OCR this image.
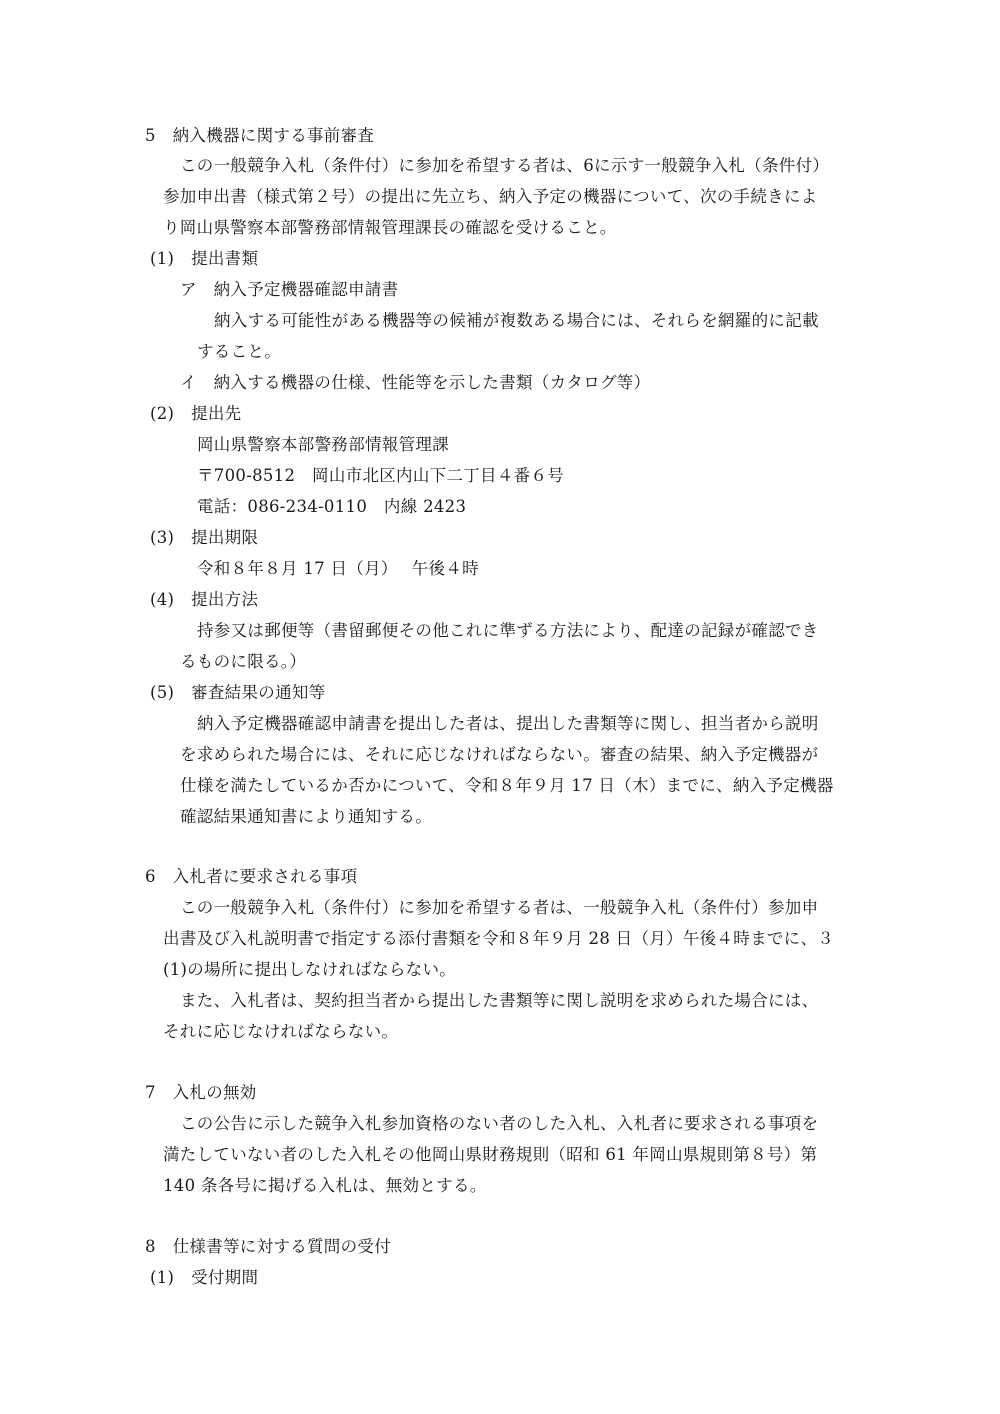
5　納入機器に関する事前審査
この一般競争入札（条件付）に参加を希望する者は、6に示す一般競争入札（条件付）
参加申出書（様式第２号）の提出に先立ち、納入予定の機器について、次の手続きによ
り岡山県警察本部警務部情報管理課長の確認を受けること。
(1)　提出書類
ア　納入予定機器確認申請書
納入する可能性がある機器等の候補が複数ある場合には、それらを網羅的に記載
すること。
イ　納入する機器の仕様、性能等を示した書類（カタログ等）
(2)　提出先
岡山県警察本部警務部情報管理課
〒700-8512　岡山市北区内山下二丁目４番６号
電話：086-234-0110　内線 2423
(3)　提出期限
令和８年８月 17 日（月）　 午後４時
(4)　提出方法
持参又は郵便等（書留郵便その他これに準ずる方法により、配達の記録が確認でき
るものに限る。）
(5)　審査結果の通知等
納入予定機器確認申請書を提出した者は、提出した書類等に関し、担当者から説明
を求められた場合には、それに応じなければならない。審査の結果、納入予定機器が
仕様を満たしているか否かについて、令和８年９月 17 日（木）までに、納入予定機器
確認結果通知書により通知する。
6　入札者に要求される事項
この一般競争入札（条件付）に参加を希望する者は、一般競争入札（条件付）参加申
出書及び入札説明書で指定する添付書類を令和８年９月 28 日（月）午後４時までに、３
(1)の場所に提出しなければならない。
また、入札者は、契約担当者から提出した書類等に関し説明を求められた場合には、
それに応じなければならない。
7　入札の無効
この公告に示した競争入札参加資格のない者のした入札、入札者に要求される事項を
満たしていない者のした入札その他岡山県財務規則（昭和 61 年岡山県規則第８号）第
140 条各号に掲げる入札は、無効とする。
8　仕様書等に対する質問の受付
(1)　受付期間
